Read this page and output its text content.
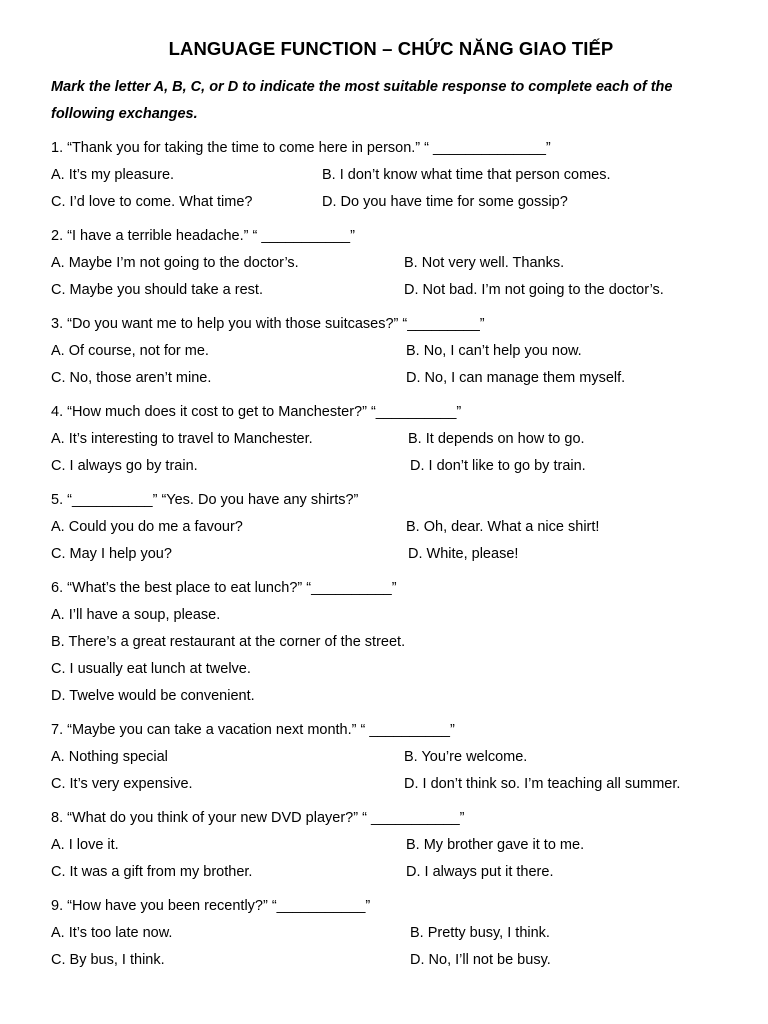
LANGUAGE FUNCTION – CHỨC NĂNG GIAO TIẾP
Mark the letter A, B, C, or D to indicate the most suitable response to complete each of the following exchanges.
1. “Thank you for taking the time to come here in person.” “ ______________”
A. It’s my pleasure.	B. I don’t know what time that person comes.
C. I’d love to come. What time?	D. Do you have time for some gossip?
2. “I have a terrible headache.” “ ___________”
A. Maybe I’m not going to the doctor’s.	B. Not very well. Thanks.
C. Maybe you should take a rest.	D. Not bad. I’m not going to the doctor’s.
3. “Do you want me to help you with those suitcases?” “_________”
A. Of course, not for me.	B. No, I can’t help you now.
C. No, those aren’t mine.	D. No, I can manage them myself.
4. “How much does it cost to get to Manchester?” “__________”
A. It’s interesting to travel to Manchester.	B. It depends on how to go.
C. I always go by train.	D. I don’t like to go by train.
5. “__________” “Yes. Do you have any shirts?”
A. Could you do me a favour?	B. Oh, dear. What a nice shirt!
C. May I help you?	D. White, please!
6. “What’s the best place to eat lunch?” “__________”
A. I’ll have a soup, please.
B. There’s a great restaurant at the corner of the street.
C. I usually eat lunch at twelve.
D. Twelve would be convenient.
7. “Maybe you can take a vacation next month.” “ __________”
A. Nothing special	B. You’re welcome.
C. It’s very expensive.	D. I don’t think so. I’m teaching all summer.
8. “What do you think of your new DVD player?” “ ___________”
A. I love it.	B. My brother gave it to me.
C. It was a gift from my brother.	D. I always put it there.
9. “How have you been recently?” “___________”
A. It’s too late now.	B. Pretty busy, I think.
C. By bus, I think.	D. No, I’ll not be busy.
